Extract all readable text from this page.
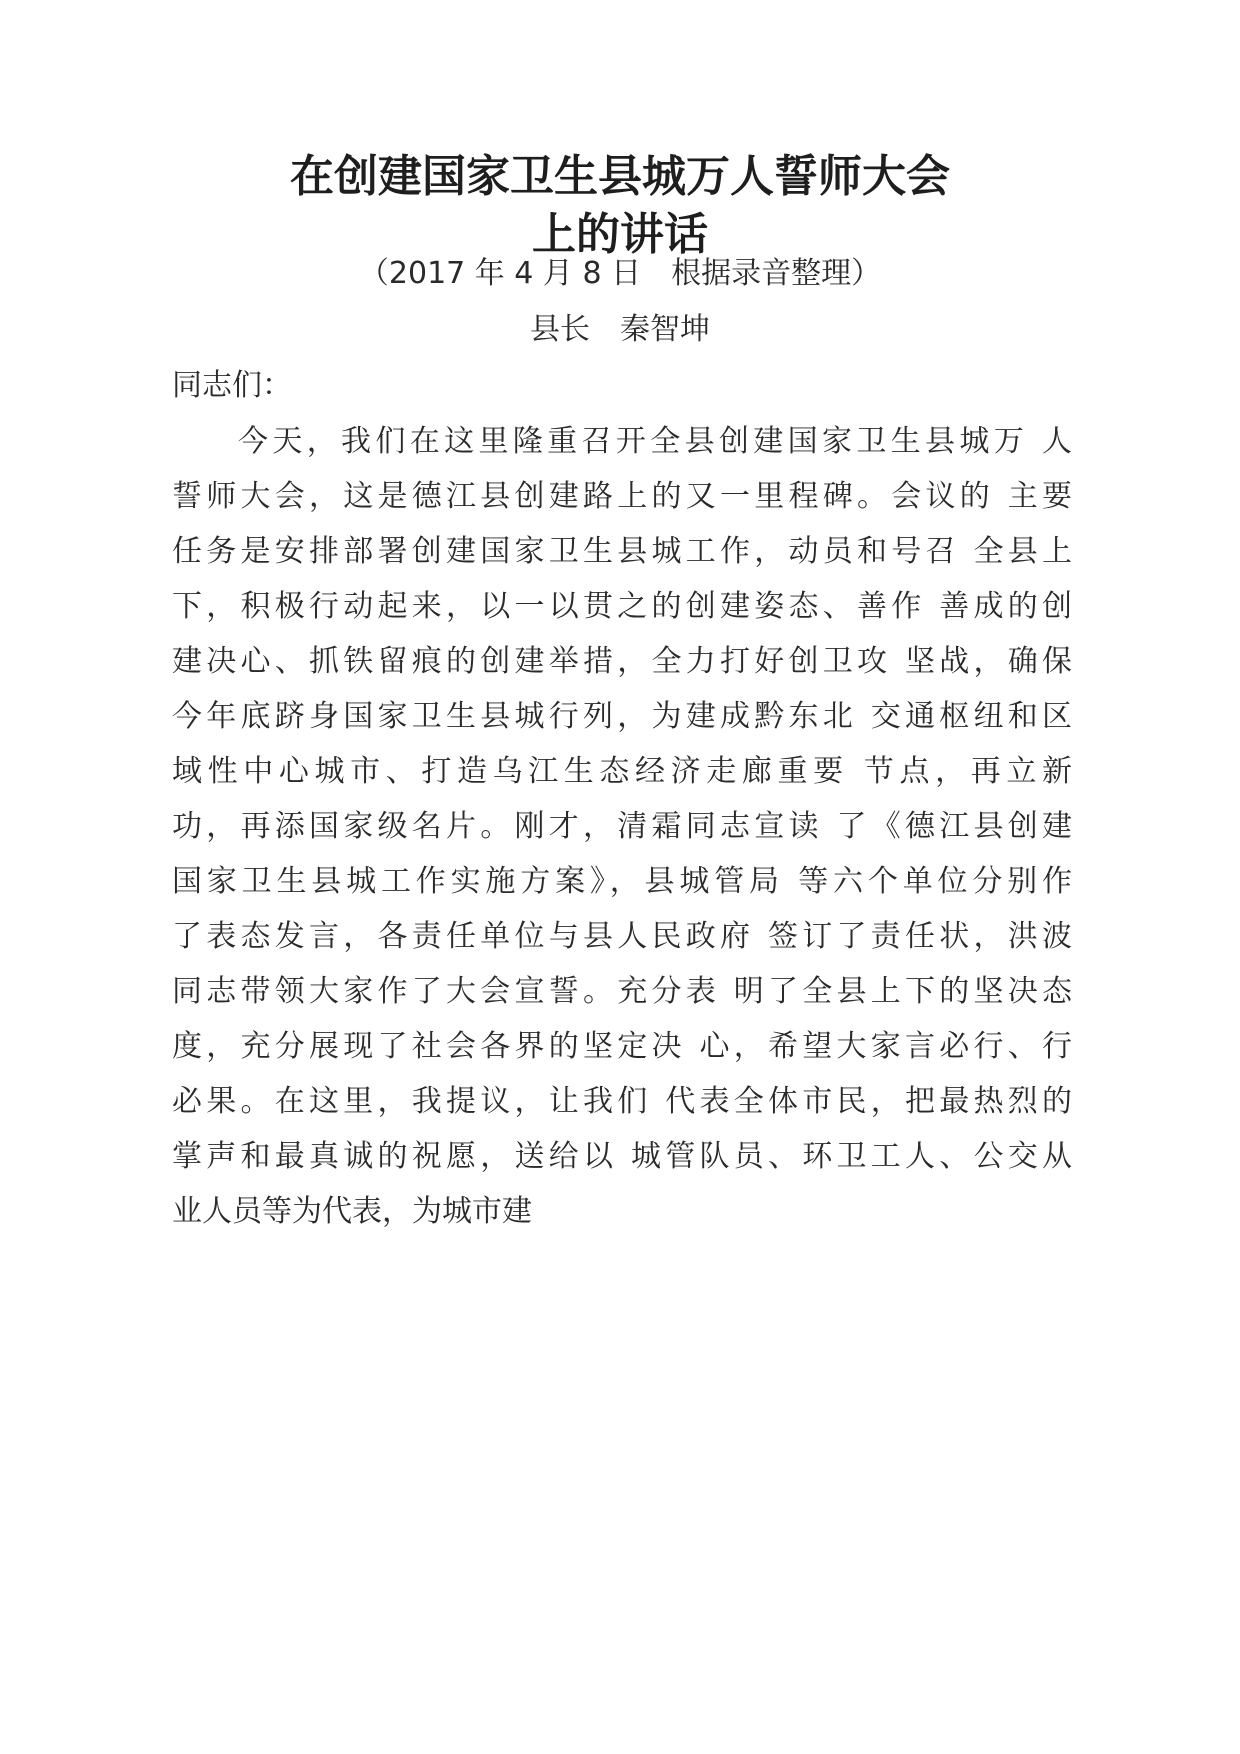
在创建国家卫生县城万人誓师大会
上的讲话
（2017 年 4 月 8 日　根据录音整理）
县长　秦智坤
同志们：
今天，我们在这里隆重召开全县创建国家卫生县城万 人
誓师大会，这是德江县创建路上的又一里程碑。会议的 主要
任务是安排部署创建国家卫生县城工作，动员和号召 全县上
下，积极行动起来，以一以贯之的创建姿态、善作 善成的创
建决心、抓铁留痕的创建举措，全力打好创卫攻 坚战，确保
今年底跻身国家卫生县城行列，为建成黔东北 交通枢纽和区
域性中心城市、打造乌江生态经济走廊重要 节点，再立新
功，再添国家级名片。刚才，清霜同志宣读 了《德江县创建
国家卫生县城工作实施方案》，县城管局 等六个单位分别作
了表态发言，各责任单位与县人民政府 签订了责任状，洪波
同志带领大家作了大会宣誓。充分表 明了全县上下的坚决态
度，充分展现了社会各界的坚定决 心，希望大家言必行、行
必果。在这里，我提议，让我们 代表全体市民，把最热烈的
掌声和最真诚的祝愿，送给以 城管队员、环卫工人、公交从
业人员等为代表，为城市建
